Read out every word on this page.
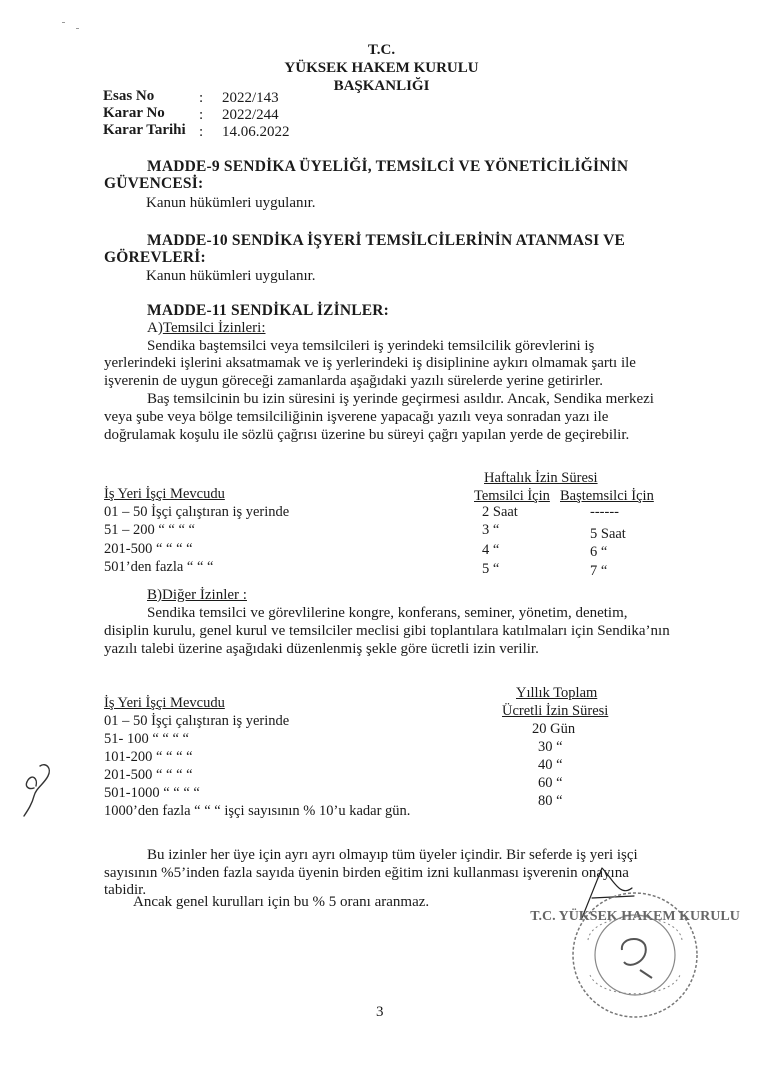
T.C.
YÜKSEK HAKEM KURULU
BAŞKANLIĞI
Esas No	: 2022/143
Karar No : 2022/244
Karar Tarihi : 14.06.2022
MADDE-9 SENDİKA ÜYELİĞİ, TEMSİLCİ VE YÖNETİCİLİĞİNİN
GÜVENCESİ:
Kanun hükümleri uygulanır.
MADDE-10 SENDİKA İŞYERİ TEMSİLCİLERİNİN ATANMASI VE
GÖREVLERİ:
Kanun hükümleri uygulanır.
MADDE-11 SENDİKAL İZİNLER:
A)Temsilci İzinleri:
Sendika baştemsilci veya temsilcileri iş yerindeki temsilcilik görevlerini iş
yerlerindeki işlerini aksatmamak ve iş yerlerindeki iş disiplinine aykırı olmamak şartı ile
işverenin de uygun göreceği zamanlarda aşağıdaki yazılı sürelerde yerine getirirler.
Baş temsilcinin bu izin süresini iş yerinde geçirmesi asıldır. Ancak, Sendika merkezi
veya şube veya bölge temsilciliğinin işverene yapacağı yazılı veya sonradan yazı ile
doğrulamak koşulu ile sözlü çağrısı üzerine bu süreyi çağrı yapılan yerde de geçirebilir.
Haftalık İzin Süresi
İş Yeri İşçi Mevcudu	Temsilci İçin Baştemsilci İçin
01 – 50 İşçi çalıştıran iş yerinde	2 Saat	------
51 – 200 “ “ “ “	3 “	5 Saat
201-500 “ “ “ “	4 “	6 “
501’den fazla “ “ “	5 “	7 “
B)Diğer İzinler :
Sendika temsilci ve görevlilerine kongre, konferans, seminer, yönetim, denetim,
disiplin kurulu, genel kurul ve temsilciler meclisi gibi toplantılara katılmaları için Sendika’nın
yazılı talebi üzerine aşağıdaki düzenlenmiş şekle göre ücretli izin verilir.
Yıllık Toplam
İş Yeri İşçi Mevcudu	Ücretli İzin Süresi
01 – 50 İşçi çalıştıran iş yerinde	20 Gün
51- 100 “ “ “ “	30 “
101-200 “ “ “ “	40 “
201-500 “ “ “ “	60 “
501-1000 “ “ “ “	80 “
1000’den fazla “ “ “ işçi sayısının % 10’u kadar gün.
Bu izinler her üye için ayrı ayrı olmayıp tüm üyeler içindir. Bir seferde iş yeri işçi
sayısının %5’inden fazla sayıda üyenin birden eğitim izni kullanması işverenin onayına
tabidir.
Ancak genel kurulları için bu % 5 oranı aranmaz.
T.C. YÜKSEK HAKEM KURULU
3
